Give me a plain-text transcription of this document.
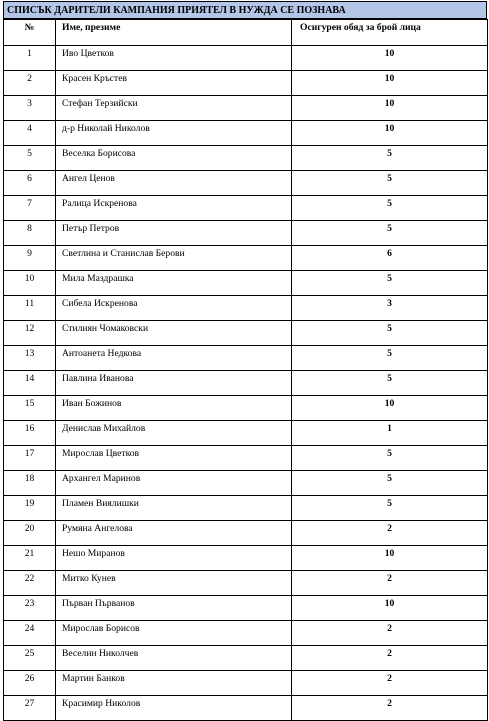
СПИСЪК ДАРИТЕЛИ КАМПАНИЯ ПРИЯТЕЛ В НУЖДА СЕ ПОЗНАВА
№	Име, презиме	Осигурен обяд за брой лица
1	Иво Цветков	10
2	Красен Кръстев	10
3	Стефан Терзийски	10
4	д-р Николай Николов	10
5	Веселка Борисова	5
6	Ангел Ценов	5
7	Ралица Искренова	5
8	Петър Петров	5
9	Светлина и Станислав Берови	6
10	Мила Маздрашка	5
11	Сибела Искренова	3
12	Стилиян Чомаковски	5
13	Антоанета Недкова	5
14	Павлина Иванова	5
15	Иван Божинов	10
16	Денислав Михайлов	1
17	Мирослав Цветков	5
18	Архангел Маринов	5
19	Пламен Виялишки	5
20	Румяна Ангелова	2
21	Нешо Миранов	10
22	Митко Кунев	2
23	Първан Първанов	10
24	Мирослав Борисов	2
25	Веселин Николчев	2
26	Мартин Банков	2
27	Красимир Николов	2
